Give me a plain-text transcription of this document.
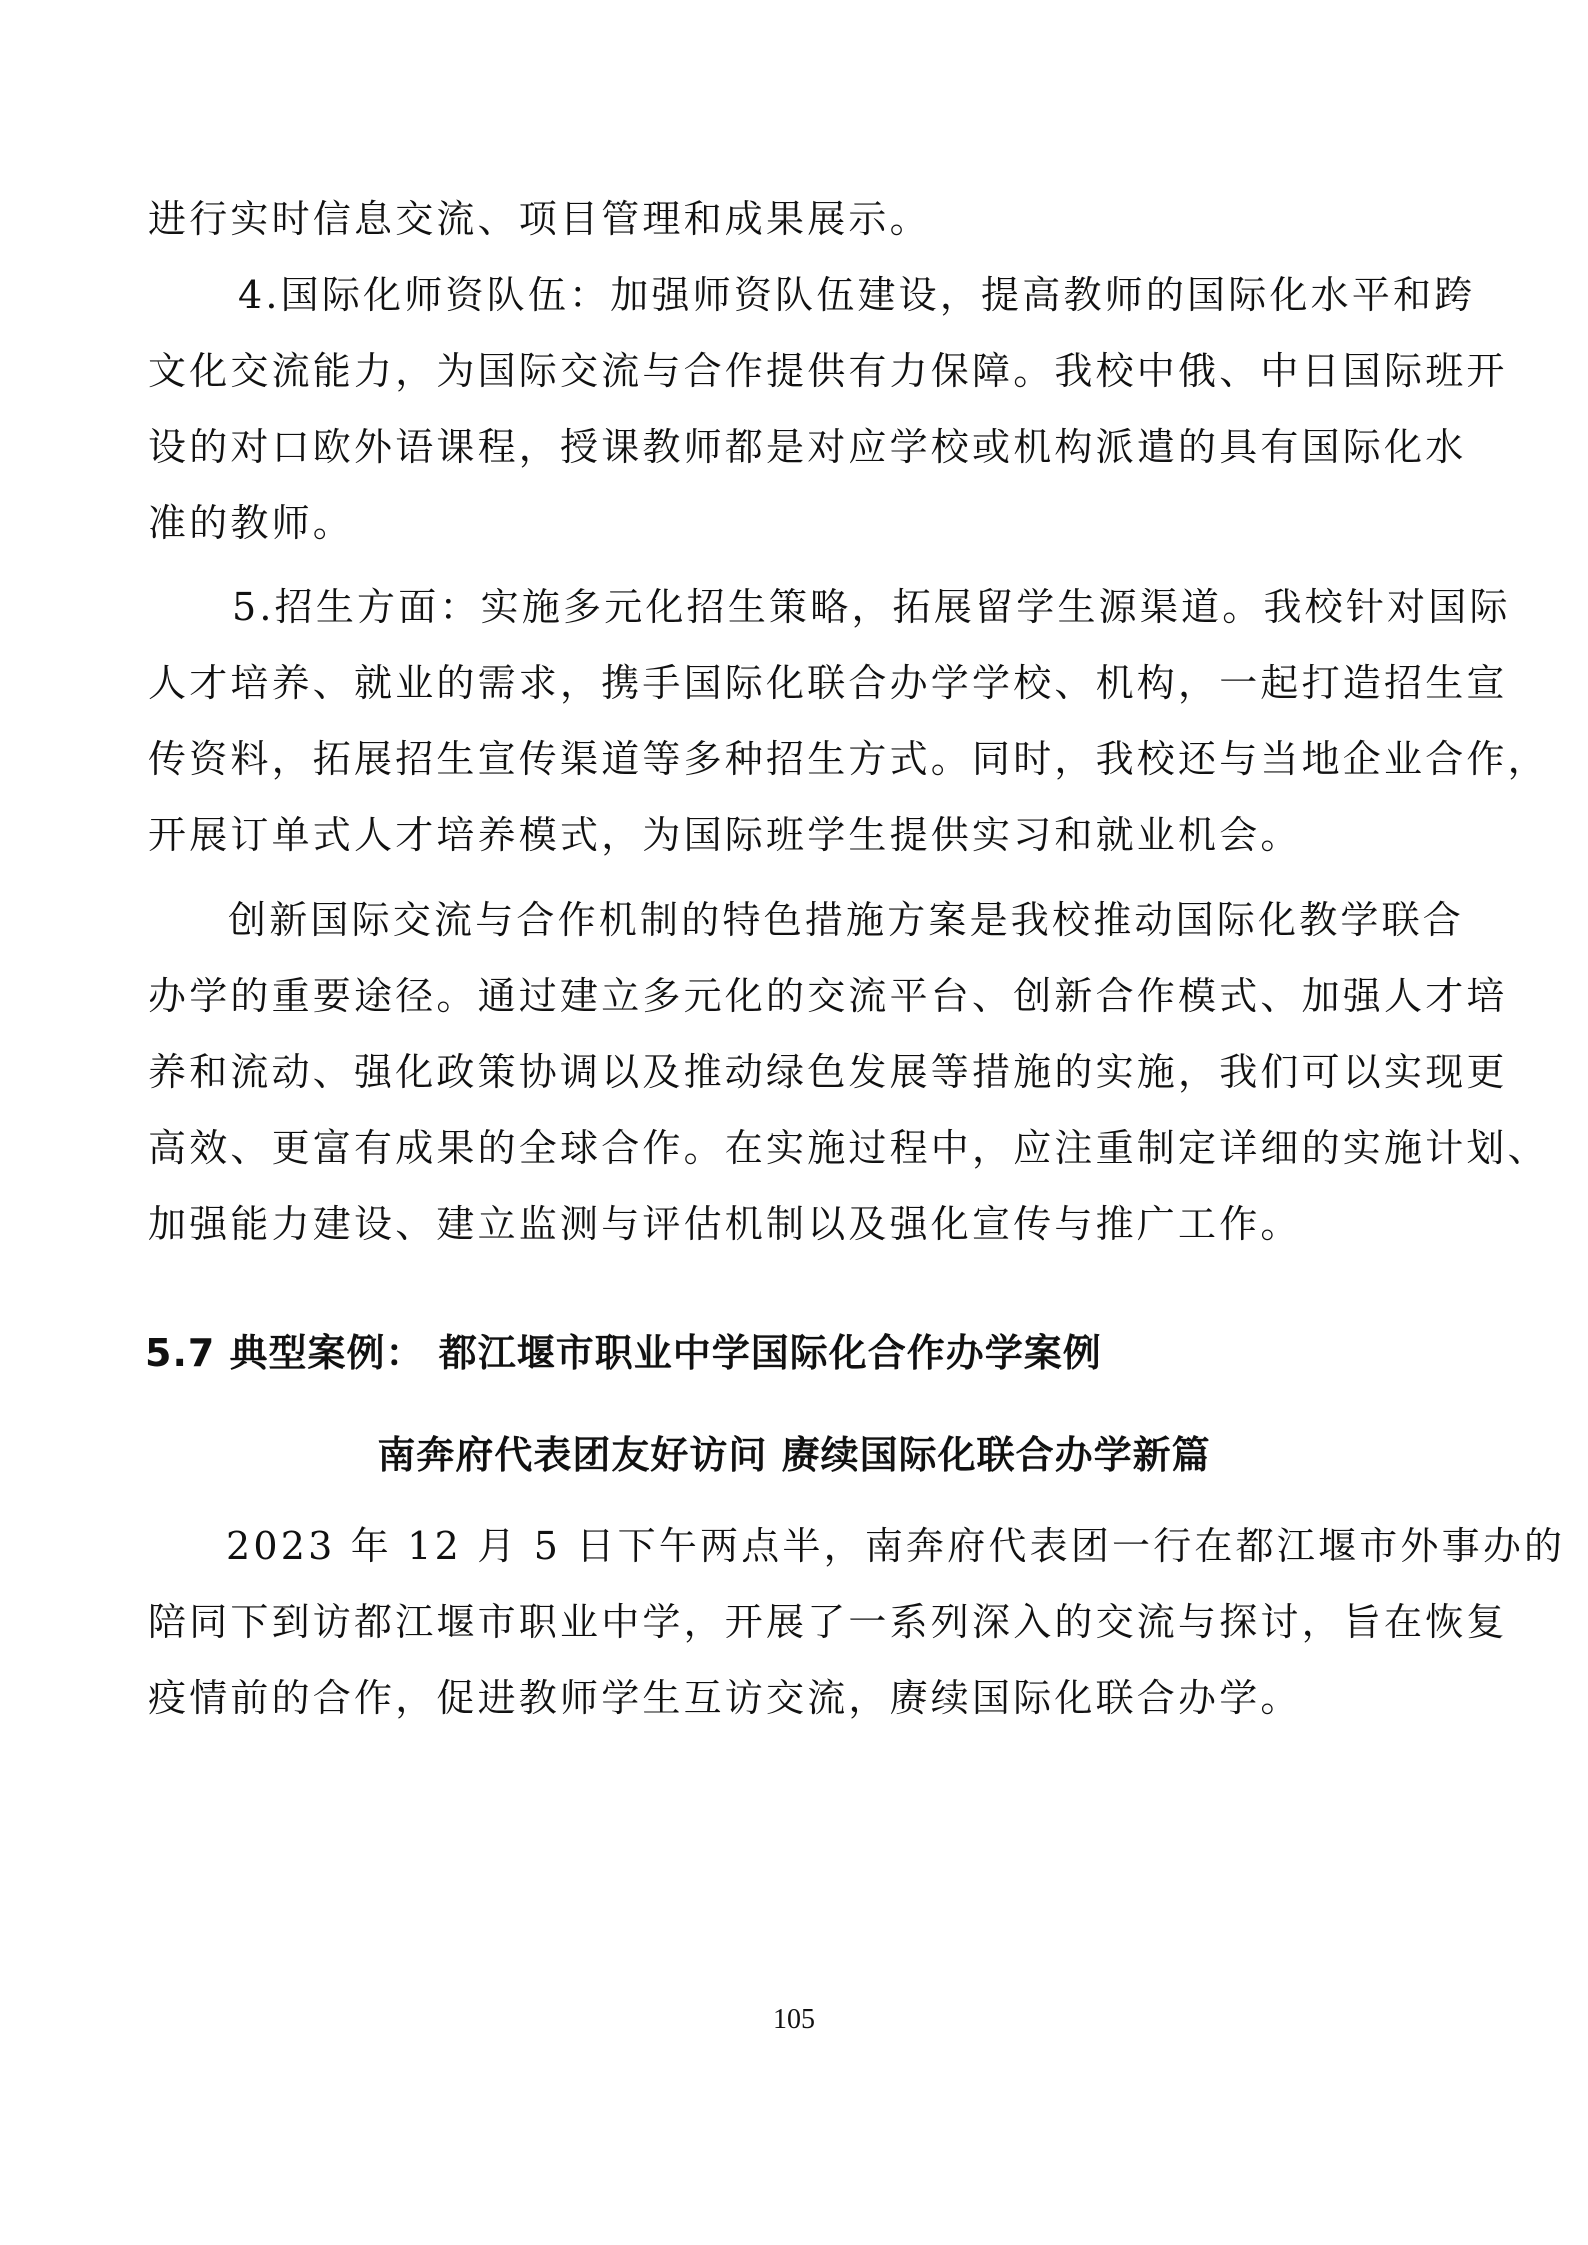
进行实时信息交流、项目管理和成果展示。
4.国际化师资队伍：加强师资队伍建设，提高教师的国际化水平和跨
文化交流能力，为国际交流与合作提供有力保障。我校中俄、中日国际班开
设的对口欧外语课程，授课教师都是对应学校或机构派遣的具有国际化水
准的教师。
5.招生方面：实施多元化招生策略，拓展留学生源渠道。我校针对国际
人才培养、就业的需求，携手国际化联合办学学校、机构，一起打造招生宣
传资料，拓展招生宣传渠道等多种招生方式。同时，我校还与当地企业合作，
开展订单式人才培养模式，为国际班学生提供实习和就业机会。
创新国际交流与合作机制的特色措施方案是我校推动国际化教学联合
办学的重要途径。通过建立多元化的交流平台、创新合作模式、加强人才培
养和流动、强化政策协调以及推动绿色发展等措施的实施，我们可以实现更
高效、更富有成果的全球合作。在实施过程中，应注重制定详细的实施计划、
加强能力建设、建立监测与评估机制以及强化宣传与推广工作。
5.7 典型案例： 都江堰市职业中学国际化合作办学案例
南奔府代表团友好访问 赓续国际化联合办学新篇
2023 年 12 月 5 日下午两点半，南奔府代表团一行在都江堰市外事办的
陪同下到访都江堰市职业中学，开展了一系列深入的交流与探讨，旨在恢复
疫情前的合作，促进教师学生互访交流，赓续国际化联合办学。
105
